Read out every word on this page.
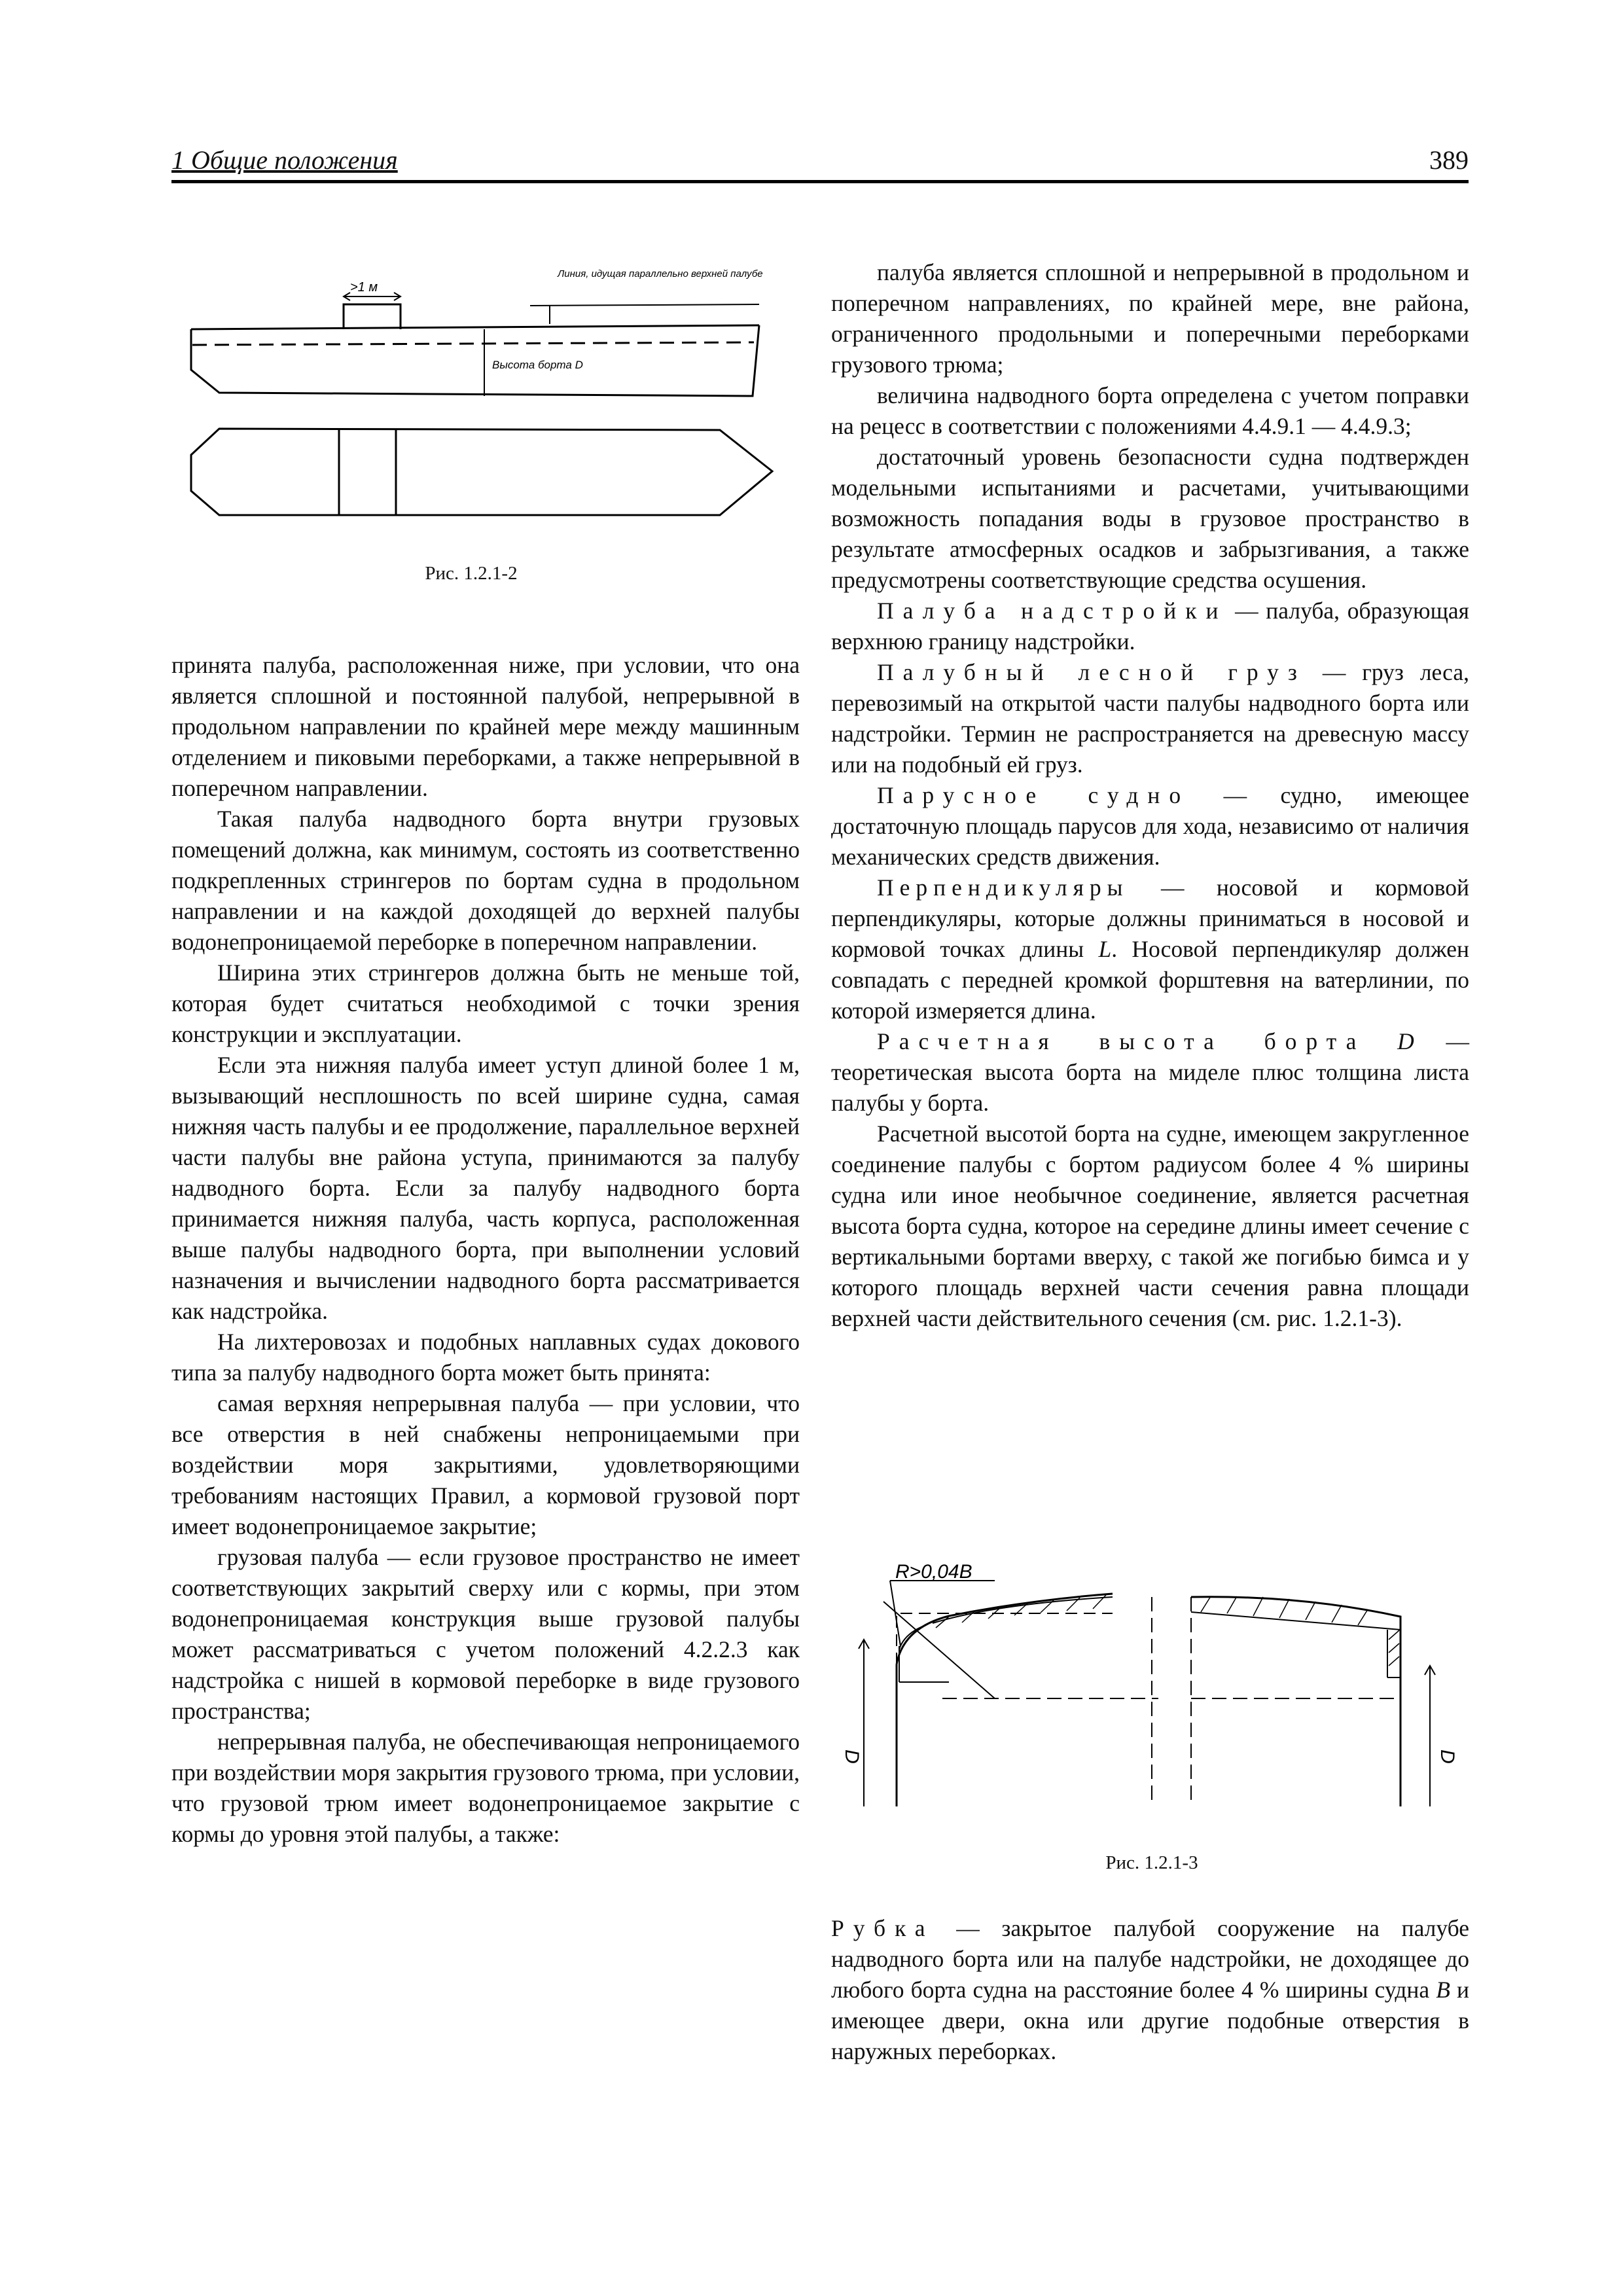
1 Общие положения	389
>1 м
Линия, идущая параллельно верхней палубе
Высота борта D
Рис. 1.2.1-2

принята палуба, расположенная ниже, при условии, что она является сплошной и постоянной палубой, непрерывной в продольном направлении по крайней мере между машинным отделением и пиковыми переборками, а также непрерывной в поперечном направлении.

Такая палуба надводного борта внутри грузовых помещений должна, как минимум, состоять из соответственно подкрепленных стрингеров по бортам судна в продольном направлении и на каждой доходящей до верхней палубы водонепроницаемой переборке в поперечном направлении.

Ширина этих стрингеров должна быть не меньше той, которая будет считаться необходимой с точки зрения конструкции и эксплуатации.

Если эта нижняя палуба имеет уступ длиной более 1 м, вызывающий несплошность по всей ширине судна, самая нижняя часть палубы и ее продолжение, параллельное верхней части палубы вне района уступа, принимаются за палубу надводного борта. Если за палубу надводного борта принимается нижняя палуба, часть корпуса, расположенная выше палубы надводного борта, при выполнении условий назначения и вычислении надводного борта рассматривается как надстройка.

На лихтеровозах и подобных наплавных судах докового типа за палубу надводного борта может быть принята:

самая верхняя непрерывная палуба — при условии, что все отверстия в ней снабжены непроницаемыми при воздействии моря закрытиями, удовлетворяющими требованиям настоящих Правил, а кормовой грузовой порт имеет водонепроницаемое закрытие;

грузовая палуба — если грузовое пространство не имеет соответствующих закрытий сверху или с кормы, при этом водонепроницаемая конструкция выше грузовой палубы может рассматриваться с учетом положений 4.2.2.3 как надстройка с нишей в кормовой переборке в виде грузового пространства;

непрерывная палуба, не обеспечивающая непроницаемого при воздействии моря закрытия грузового трюма, при условии, что грузовой трюм имеет водонепроницаемое закрытие с кормы до уровня этой палубы, а также:

палуба является сплошной и непрерывной в продольном и поперечном направлениях, по крайней мере, вне района, ограниченного продольными и поперечными переборками грузового трюма;

величина надводного борта определена с учетом поправки на рецесс в соответствии с положениями 4.4.9.1 — 4.4.9.3;

достаточный уровень безопасности судна подтвержден модельными испытаниями и расчетами, учитывающими возможность попадания воды в грузовое пространство в результате атмосферных осадков и забрызгивания, а также предусмотрены соответствующие средства осушения.

Палуба надстройки — палуба, образующая верхнюю границу надстройки.

Палубный лесной груз — груз леса, перевозимый на открытой части палубы надводного борта или надстройки. Термин не распространяется на древесную массу или на подобный ей груз.

Парусное судно — судно, имеющее достаточную площадь парусов для хода, независимо от наличия механических средств движения.

Перпендикуляры — носовой и кормовой перпендикуляры, которые должны приниматься в носовой и кормовой точках длины L. Носовой перпендикуляр должен совпадать с передней кромкой форштевня на ватерлинии, по которой измеряется длина.

Расчетная высота борта D — теоретическая высота борта на миделе плюс толщина листа палубы у борта.

Расчетной высотой борта на судне, имеющем закругленное соединение палубы с бортом радиусом более 4 % ширины судна или иное необычное соединение, является расчетная высота борта судна, которое на середине длины имеет сечение с вертикальными бортами вверху, с такой же погибью бимса и у которого площадь верхней части сечения равна площади верхней части действительного сечения (см. рис. 1.2.1-3).

R>0,04B
D	D
Рис. 1.2.1-3

Рубка — закрытое палубой сооружение на палубе надводного борта или на палубе надстройки, не доходящее до любого борта судна на расстояние более 4 % ширины судна B и имеющее двери, окна или другие подобные отверстия в наружных переборках.
